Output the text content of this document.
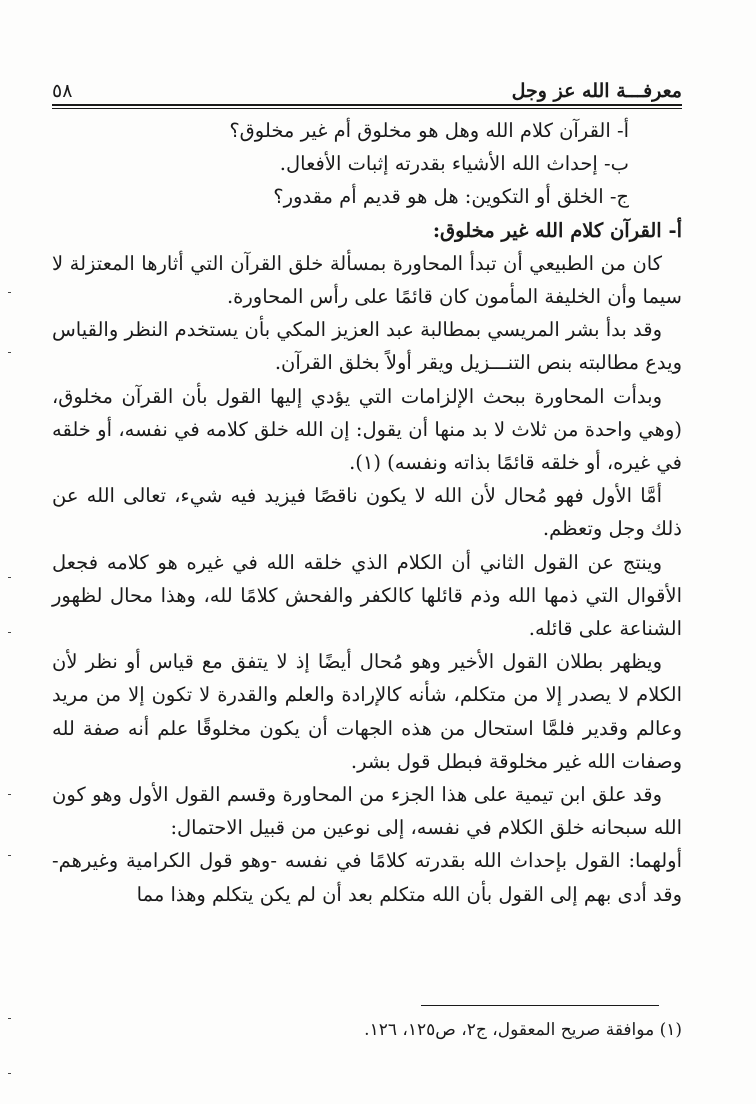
معرفـــة الله عز وجل
٥٨

أ- القرآن كلام الله وهل هو مخلوق أم غير مخلوق؟

ب- إحداث الله الأشياء بقدرته إثبات الأفعال.

ج- الخلق أو التكوين: هل هو قديم أم مقدور؟

أ- القرآن كلام الله غير مخلوق:

كان من الطبيعي أن تبدأ المحاورة بمسألة خلق القرآن التي أثارها المعتزلة لا سيما وأن الخليفة المأمون كان قائمًا على رأس المحاورة.

وقد بدأ بشر المريسي بمطالبة عبد العزيز المكي بأن يستخدم النظر والقياس ويدع مطالبته بنص التنـــزيل ويقر أولاً بخلق القرآن.

وبدأت المحاورة ببحث الإلزامات التي يؤدي إليها القول بأن القرآن مخلوق، (وهي واحدة من ثلاث لا بد منها أن يقول: إن الله خلق كلامه في نفسه، أو خلقه في غيره، أو خلقه قائمًا بذاته ونفسه) (١).

أمَّا الأول فهو مُحال لأن الله لا يكون ناقصًا فيزيد فيه شيء، تعالى الله عن ذلك وجل وتعظم.

وينتج عن القول الثاني أن الكلام الذي خلقه الله في غيره هو كلامه فجعل الأقوال التي ذمها الله وذم قائلها كالكفر والفحش كلامًا لله، وهذا محال لظهور الشناعة على قائله.

ويظهر بطلان القول الأخير وهو مُحال أيضًا إذ لا يتفق مع قياس أو نظر لأن الكلام لا يصدر إلا من متكلم، شأنه كالإرادة والعلم والقدرة لا تكون إلا من مريد وعالم وقدير فلمَّا استحال من هذه الجهات أن يكون مخلوقًا علم أنه صفة لله وصفات الله غير مخلوقة فبطل قول بشر.

وقد علق ابن تيمية على هذا الجزء من المحاورة وقسم القول الأول وهو كون الله سبحانه خلق الكلام في نفسه، إلى نوعين من قبيل الاحتمال:

أولهما: القول بإحداث الله بقدرته كلامًا في نفسه -وهو قول الكرامية وغيرهم- وقد أدى بهم إلى القول بأن الله متكلم بعد أن لم يكن يتكلم وهذا مما

(١) موافقة صريح المعقول، ج٢، ص١٢٥، ١٢٦.
